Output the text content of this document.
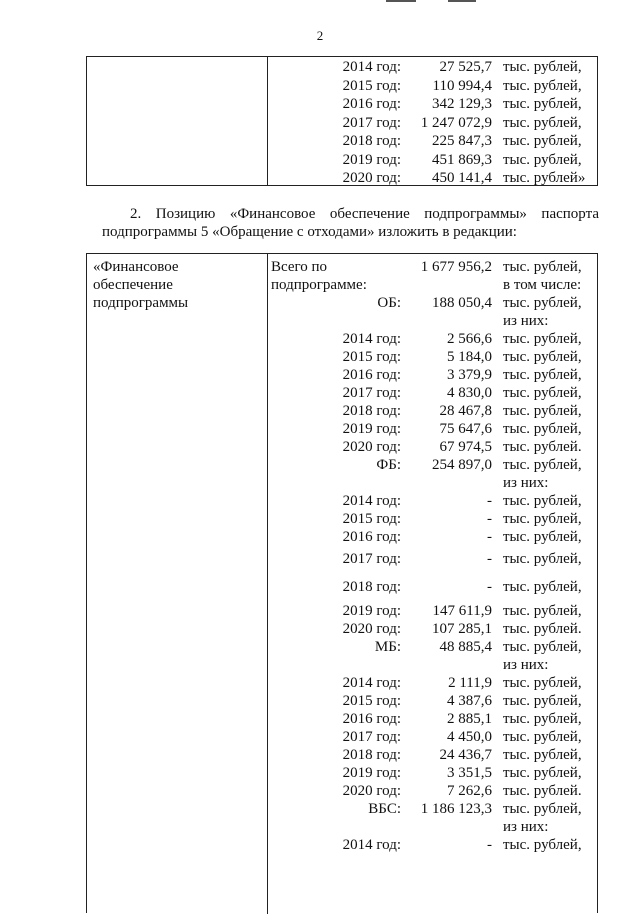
2
2014 год:	27 525,7 тыс. рублей,
2015 год: 110 994,4 тыс. рублей,
2016 год: 342 129,3 тыс. рублей,
2017 год: 1 247 072,9 тыс. рублей,
2018 год: 225 847,3 тыс. рублей,
2019 год: 451 869,3 тыс. рублей,
2020 год: 450 141,4 тыс. рублей»
2. Позицию «Финансовое обеспечение подпрограммы» паспорта подпрограммы 5 «Обращение с отходами» изложить в редакции:
«Финансовое
обеспечение
подпрограммы
Всего по
подпрограмме:
1 677 956,2 тыс. рублей,
в том числе:
ОБ: 188 050,4 тыс. рублей,
из них:
2014 год:	2 566,6 тыс. рублей,
2015 год:	5 184,0 тыс. рублей,
2016 год:	3 379,9 тыс. рублей,
2017 год:	4 830,0 тыс. рублей,
2018 год:	28 467,8 тыс. рублей,
2019 год:	75 647,6 тыс. рублей,
2020 год:	67 974,5 тыс. рублей.
ФБ: 254 897,0 тыс. рублей,
из них:
2014 год:	- тыс. рублей,
2015 год:	- тыс. рублей,
2016 год:	- тыс. рублей,
2017 год:	- тыс. рублей,
2018 год:	- тыс. рублей,
2019 год: 147 611,9 тыс. рублей,
2020 год: 107 285,1 тыс. рублей.
МБ:	48 885,4 тыс. рублей,
из них:
2014 год:	2 111,9 тыс. рублей,
2015 год:	4 387,6 тыс. рублей,
2016 год:	2 885,1 тыс. рублей,
2017 год:	4 450,0 тыс. рублей,
2018 год:	24 436,7 тыс. рублей,
2019 год:	3 351,5 тыс. рублей,
2020 год:	7 262,6 тыс. рублей.
ВБС: 1 186 123,3 тыс. рублей,
из них:
2014 год:	- тыс. рублей,
